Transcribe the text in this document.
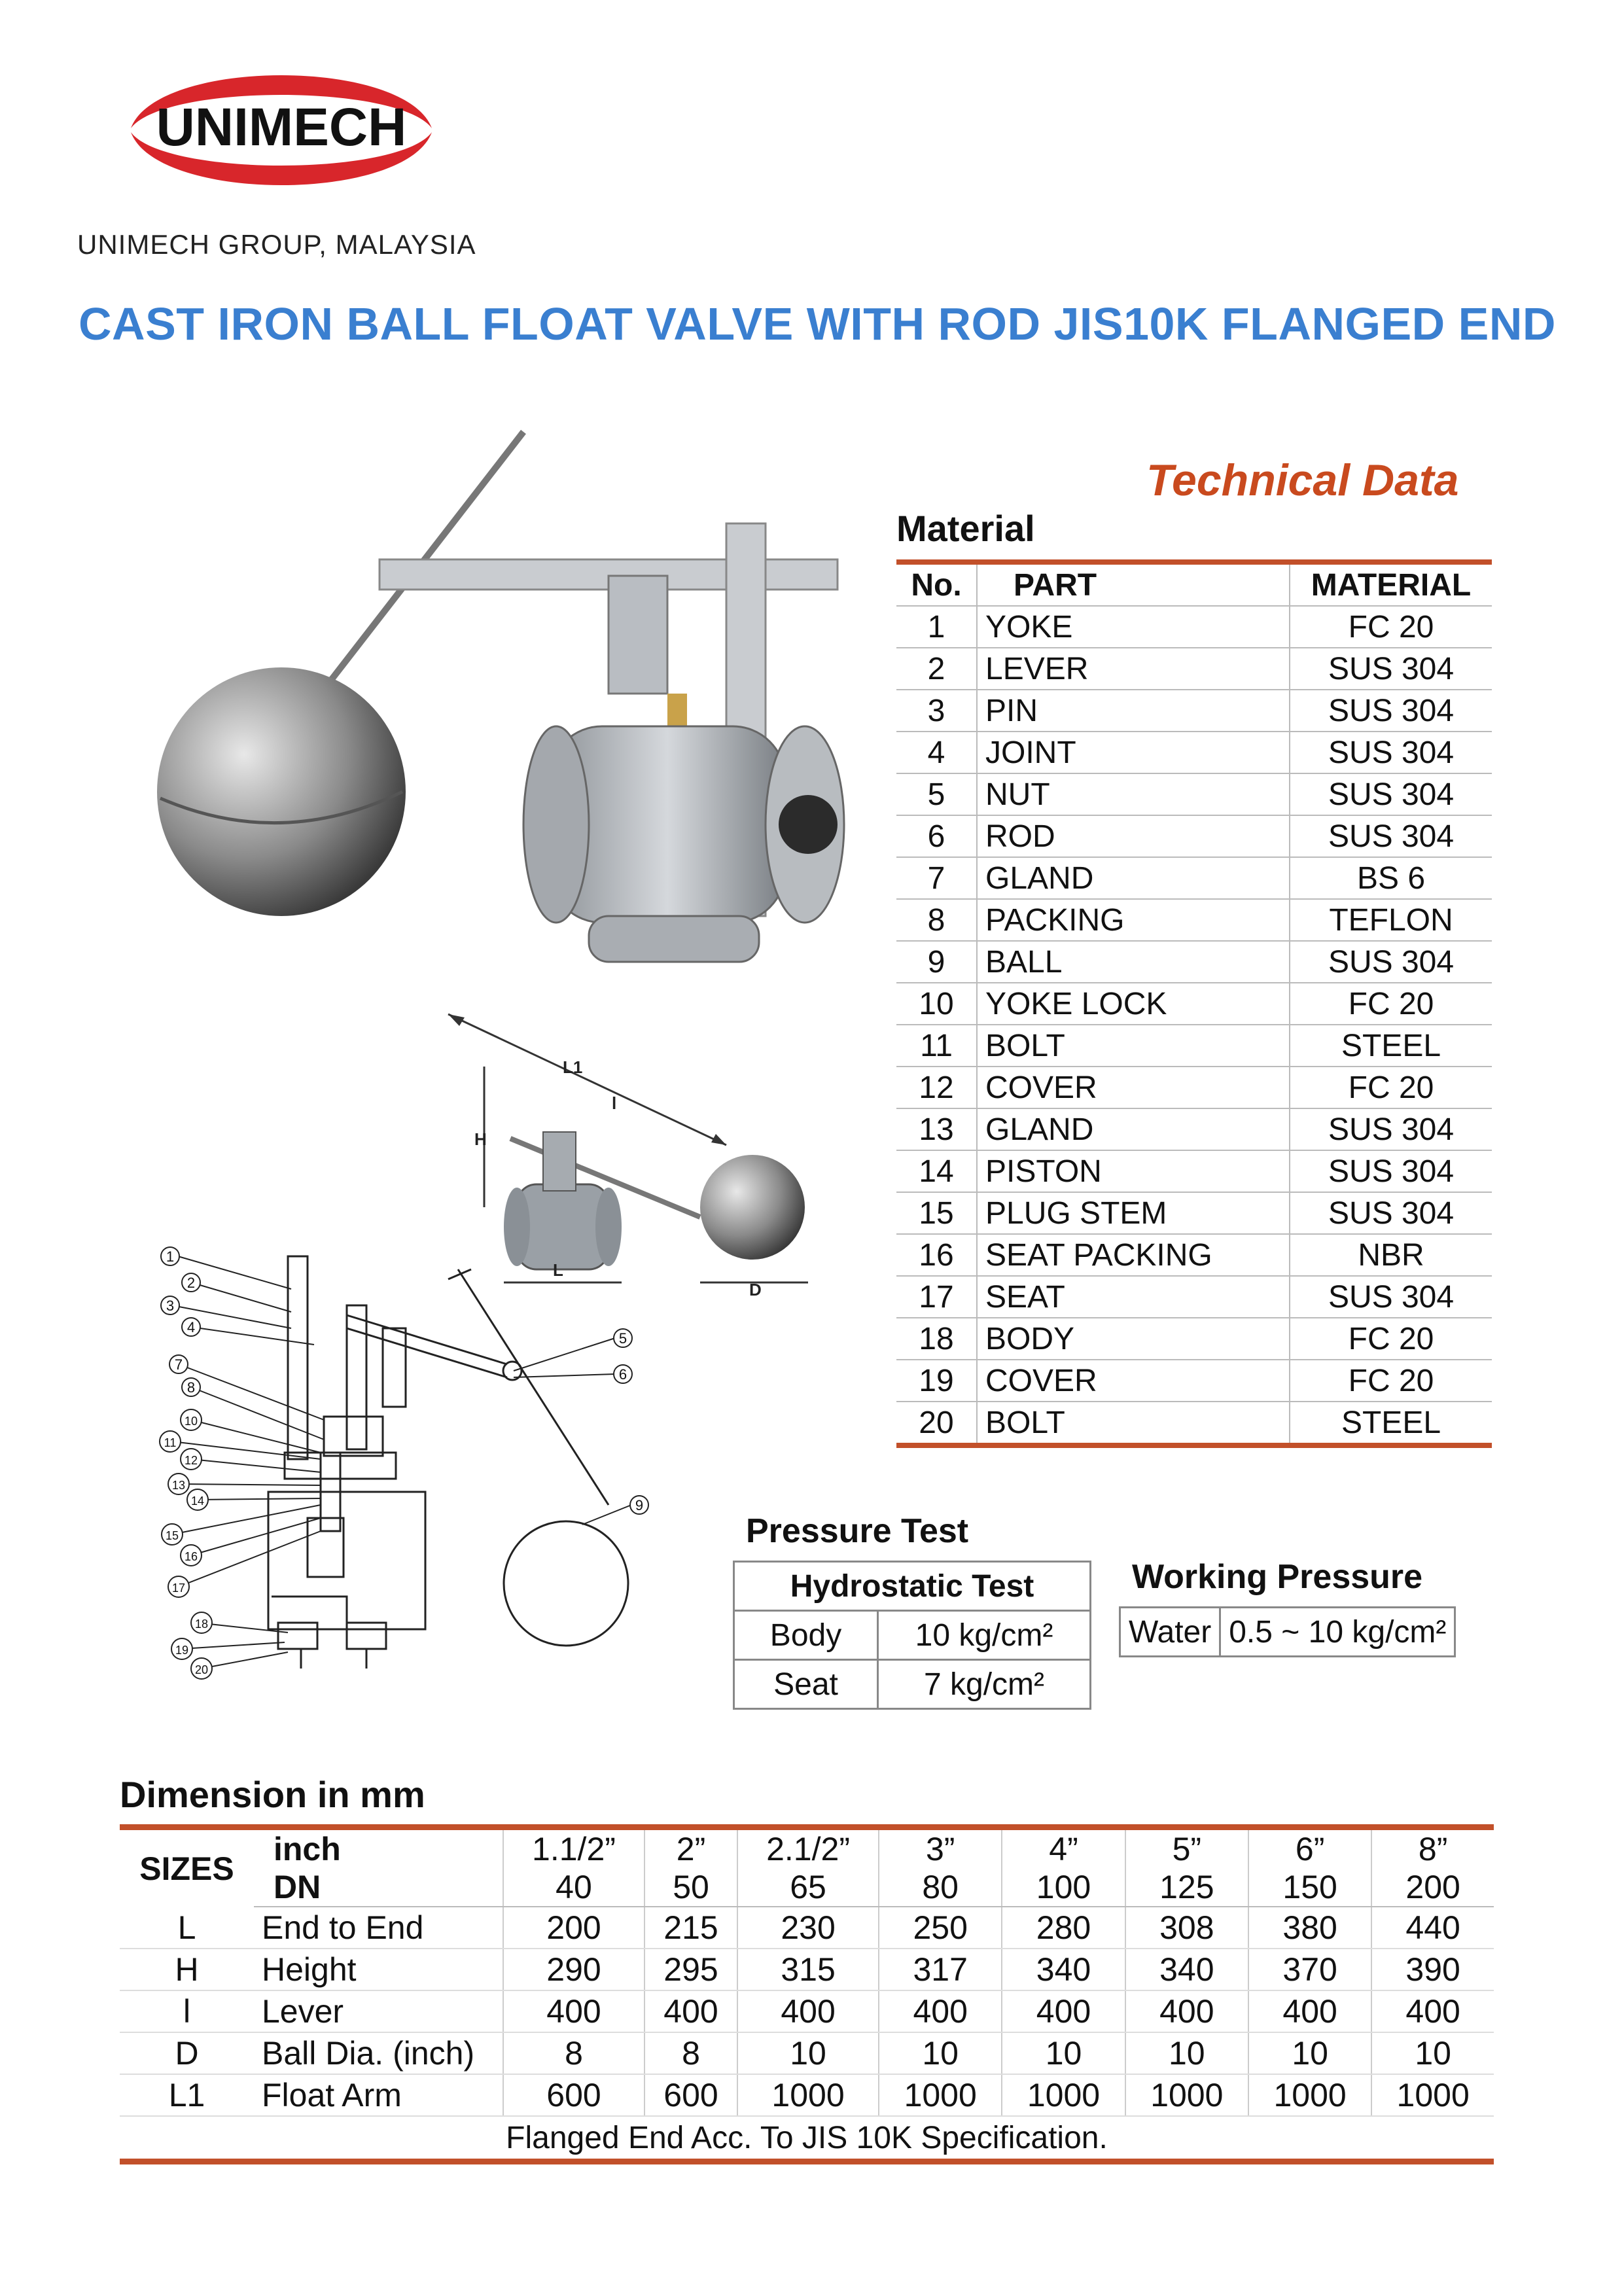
UNIMECH
UNIMECH GROUP, MALAYSIA
CAST IRON BALL FLOAT VALVE WITH ROD JIS10K FLANGED END
L1
l
H
L
D
1
2
3
4
5
6
7
8
9
10
11
12
13
14
15
16
17
18
19
20
Technical Data
Material
No.	PART	MATERIAL
1	YOKE	FC 20
2	LEVER	SUS 304
3	PIN	SUS 304
4	JOINT	SUS 304
5	NUT	SUS 304
6	ROD	SUS 304
7	GLAND	BS 6
8	PACKING	TEFLON
9	BALL	SUS 304
10	YOKE LOCK	FC 20
11	BOLT	STEEL
12	COVER	FC 20
13	GLAND	SUS 304
14	PISTON	SUS 304
15	PLUG STEM	SUS 304
16	SEAT PACKING	NBR
17	SEAT	SUS 304
18	BODY	FC 20
19	COVER	FC 20
20	BOLT	STEEL
Pressure Test
Hydrostatic Test	
Body	10 kg/cm²
Seat	7 kg/cm²
Working Pressure
Water	0.5 ~ 10 kg/cm²
Dimension in mm
SIZES	inch	1.1/2”	2”	2.1/2”	3”	4”	5”	6”	8”
	DN	40	50	65	80	100	125	150	200
L	End to End	200	215	230	250	280	308	380	440
H	Height	290	295	315	317	340	340	370	390
l	Lever	400	400	400	400	400	400	400	400
D	Ball Dia. (inch)	8	8	10	10	10	10	10	10
L1	Float Arm	600	600	1000	1000	1000	1000	1000	1000
Flanged End Acc. To JIS 10K Specification.									
